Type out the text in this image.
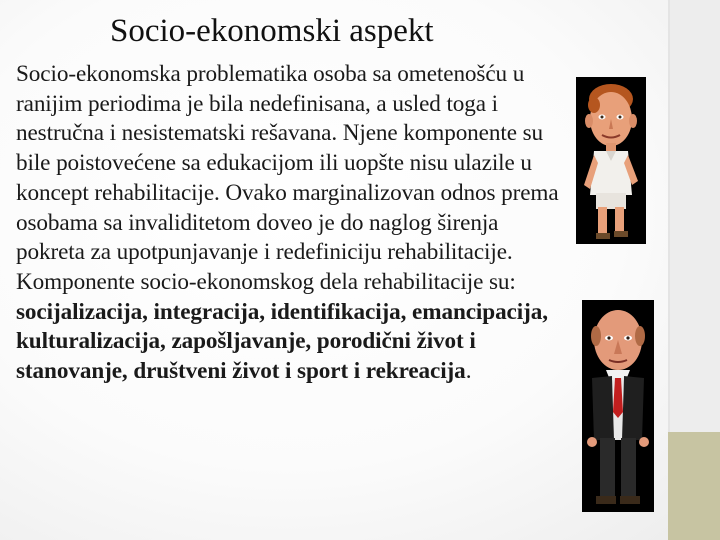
Socio-ekonomski aspekt
Socio-ekonomska problematika osoba sa ometenošću u ranijim periodima je bila nedefinisana, a usled toga i nestručna i nesistematski rešavana. Njene komponente su bile poistovećene sa edukacijom ili uopšte nisu ulazile u koncept rehabilitacije. Ovako marginalizovan odnos prema osobama sa invaliditetom doveo je do naglog širenja pokreta za upotpunjavanje i redefiniciju rehabilitacije. Komponente socio-ekonomskog dela rehabilitacije su: socijalizacija, integracija, identifikacija, emancipacija, kulturalizacija, zapošljavanje, porodični život i stanovanje, društveni život i sport i rekreacija.
